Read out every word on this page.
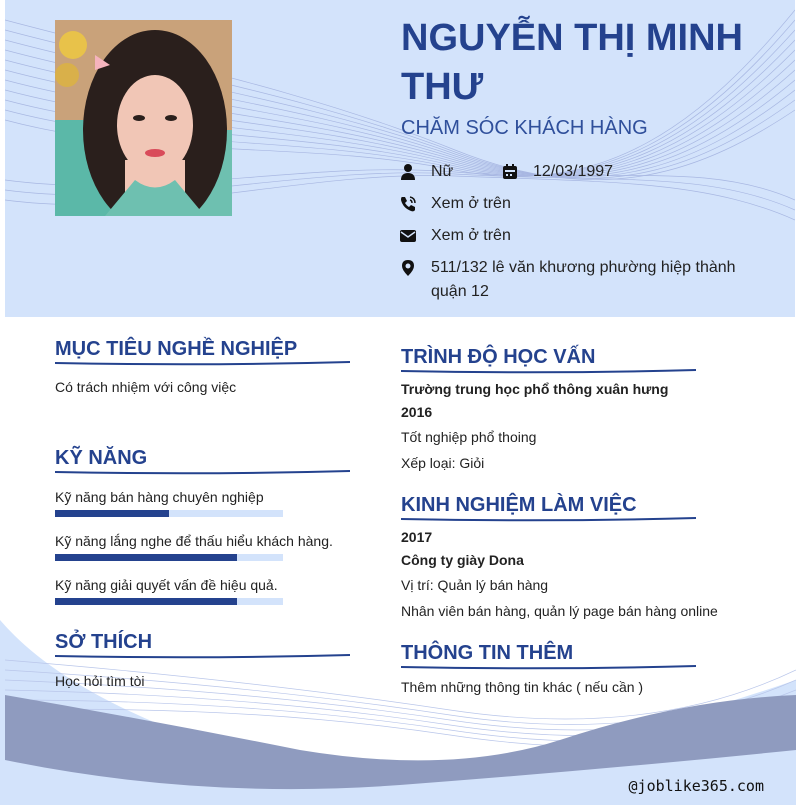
NGUYỄN THỊ MINH THƯ
CHĂM SÓC KHÁCH HÀNG
Nữ	12/03/1997
Xem ở trên
Xem ở trên
511/132 lê văn khương phường hiệp thành quận 12
MỤC TIÊU NGHỀ NGHIỆP
Có trách nhiệm với công việc
KỸ NĂNG
Kỹ năng bán hàng chuyên nghiệp
Kỹ năng lắng nghe để thấu hiểu khách hàng.
Kỹ năng giải quyết vấn đề hiệu quả.
SỞ THÍCH
Học hỏi tìm tòi
TRÌNH ĐỘ HỌC VẤN
Trường trung học phổ thông xuân hưng
2016
Tốt nghiệp phổ thoing
Xếp loại: Giỏi
KINH NGHIỆM LÀM VIỆC
2017
Công ty giày Dona
Vị trí: Quản lý bán hàng
Nhân viên bán hàng, quản lý page bán hàng online
THÔNG TIN THÊM
Thêm những thông tin khác ( nếu cần )
@joblike365.com
